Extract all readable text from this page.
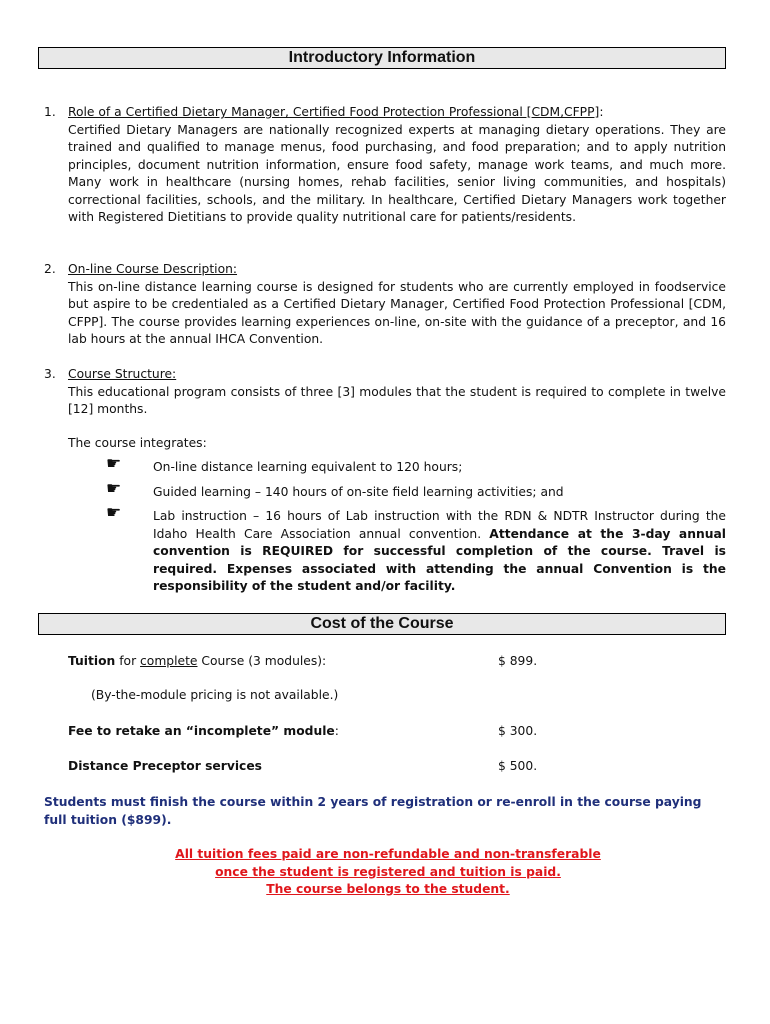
Introductory Information
1. Role of a Certified Dietary Manager, Certified Food Protection Professional [CDM,CFPP]:
Certified Dietary Managers are nationally recognized experts at managing dietary operations. They are trained and qualified to manage menus, food purchasing, and food preparation; and to apply nutrition principles, document nutrition information, ensure food safety, manage work teams, and much more. Many work in healthcare (nursing homes, rehab facilities, senior living communities, and hospitals) correctional facilities, schools, and the military. In healthcare, Certified Dietary Managers work together with Registered Dietitians to provide quality nutritional care for patients/residents.
2. On-line Course Description:
This on-line distance learning course is designed for students who are currently employed in foodservice but aspire to be credentialed as a Certified Dietary Manager, Certified Food Protection Professional [CDM, CFPP]. The course provides learning experiences on-line, on-site with the guidance of a preceptor, and 16 lab hours at the annual IHCA Convention.
3. Course Structure:
This educational program consists of three [3] modules that the student is required to complete in twelve [12] months.
The course integrates:
☛	On-line distance learning equivalent to 120 hours;
☛	Guided learning – 140 hours of on-site field learning activities; and
☛	Lab instruction – 16 hours of Lab instruction with the RDN & NDTR Instructor during the Idaho Health Care Association annual convention. Attendance at the 3-day annual convention is REQUIRED for successful completion of the course. Travel is required. Expenses associated with attending the annual Convention is the responsibility of the student and/or facility.
Cost of the Course
Tuition for complete Course (3 modules):	$ 899.
(By-the-module pricing is not available.)
Fee to retake an “incomplete” module:	$ 300.
Distance Preceptor services	$ 500.
Students must finish the course within 2 years of registration or re-enroll in the course paying full tuition ($899).
All tuition fees paid are non-refundable and non-transferable
once the student is registered and tuition is paid.
The course belongs to the student.
